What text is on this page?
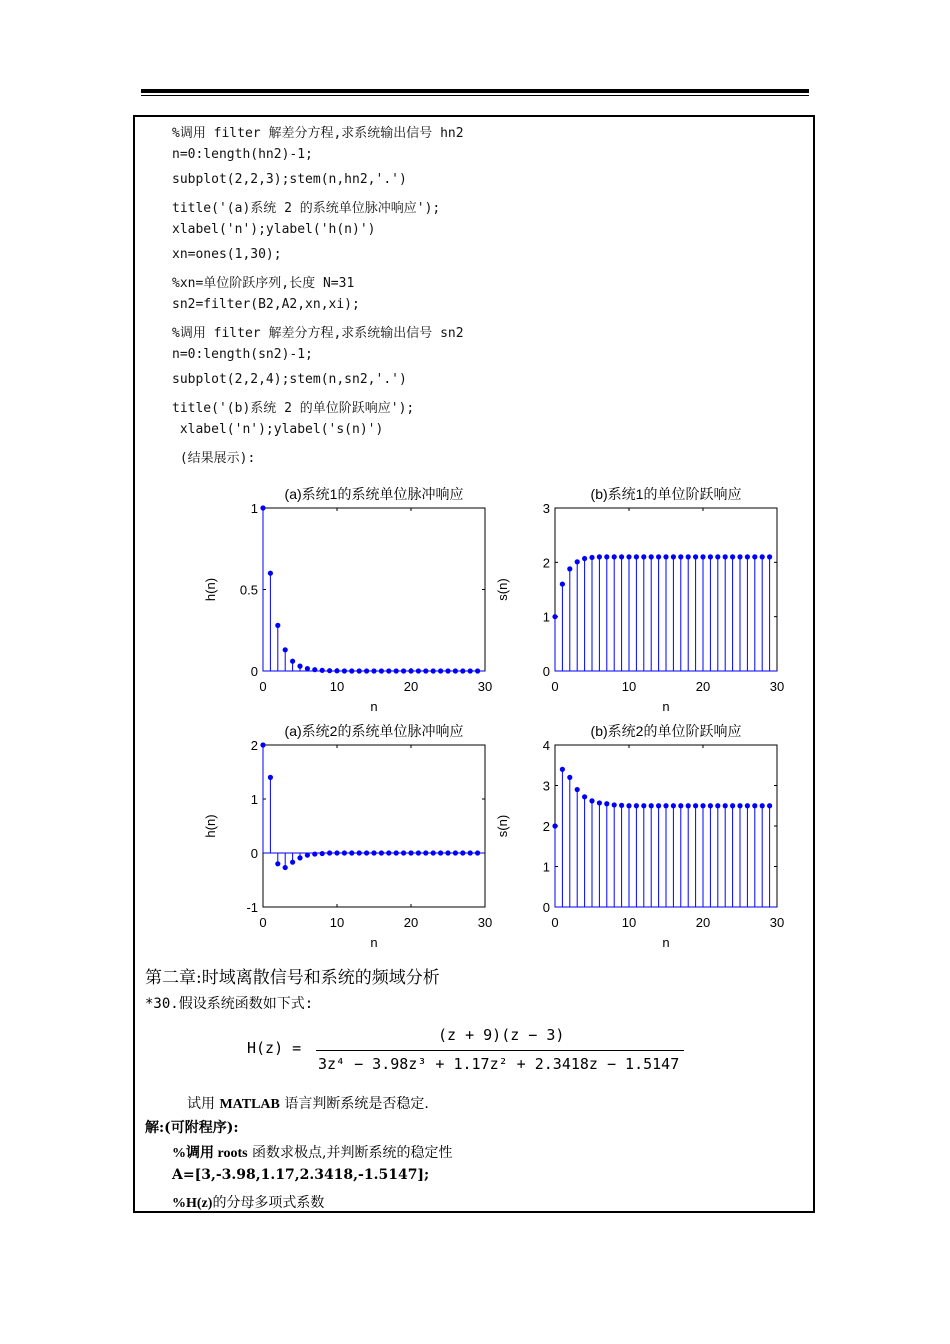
%调用 filter 解差分方程,求系统输出信号 hn2
n=0:length(hn2)-1;
subplot(2,2,3);stem(n,hn2,'.')
title('(a)系统 2 的系统单位脉冲响应');
xlabel('n');ylabel('h(n)')
xn=ones(1,30);
%xn=单位阶跃序列,长度 N=31
sn2=filter(B2,A2,xn,xi);
%调用 filter 解差分方程,求系统输出信号 sn2
n=0:length(sn2)-1;
subplot(2,2,4);stem(n,sn2,'.')
title('(b)系统 2 的单位阶跃响应');
xlabel('n');ylabel('s(n)')
(结果展示):
0	10	20	30
0
0.5
1
(a)系统1的系统单位脉冲响应
n
h(n)
0	10	20	30
0
1
2
3
(b)系统1的单位阶跃响应
n
s(n)
0	10	20	30
-1
0
1
2
(a)系统2的系统单位脉冲响应
n
h(n)
0	10	20	30
0
1
2
3
4
(b)系统2的单位阶跃响应
n
s(n)
第二章:时域离散信号和系统的频域分析
*30.假设系统函数如下式:
H(z) =
(z + 9)(z − 3)
3z⁴ − 3.98z³ + 1.17z² + 2.3418z − 1.5147
试用 MATLAB 语言判断系统是否稳定.
解:(可附程序):
%调用 roots 函数求极点,并判断系统的稳定性
A=[3,-3.98,1.17,2.3418,-1.5147];
%H(z)的分母多项式系数
